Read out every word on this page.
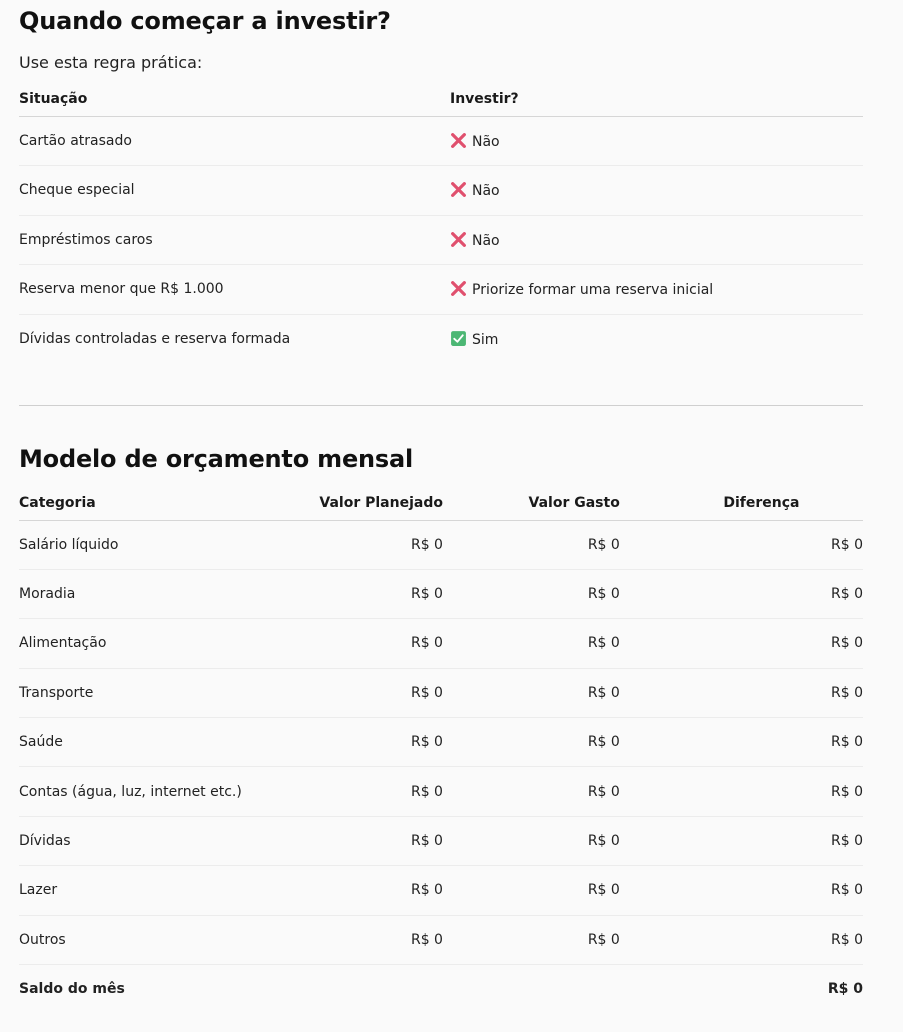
Quando começar a investir?
Use esta regra prática:
Situação	Investir?
Cartão atrasado	Não
Cheque especial	Não
Empréstimos caros	Não
Reserva menor que R$ 1.000	Priorize formar uma reserva inicial
Dívidas controladas e reserva formada	Sim
Modelo de orçamento mensal
Categoria	Valor Planejado	Valor Gasto	Diferença
Salário líquido	R$ 0	R$ 0	R$ 0
Moradia	R$ 0	R$ 0	R$ 0
Alimentação	R$ 0	R$ 0	R$ 0
Transporte	R$ 0	R$ 0	R$ 0
Saúde	R$ 0	R$ 0	R$ 0
Contas (água, luz, internet etc.)	R$ 0	R$ 0	R$ 0
Dívidas	R$ 0	R$ 0	R$ 0
Lazer	R$ 0	R$ 0	R$ 0
Outros	R$ 0	R$ 0	R$ 0
Saldo do mês			R$ 0
